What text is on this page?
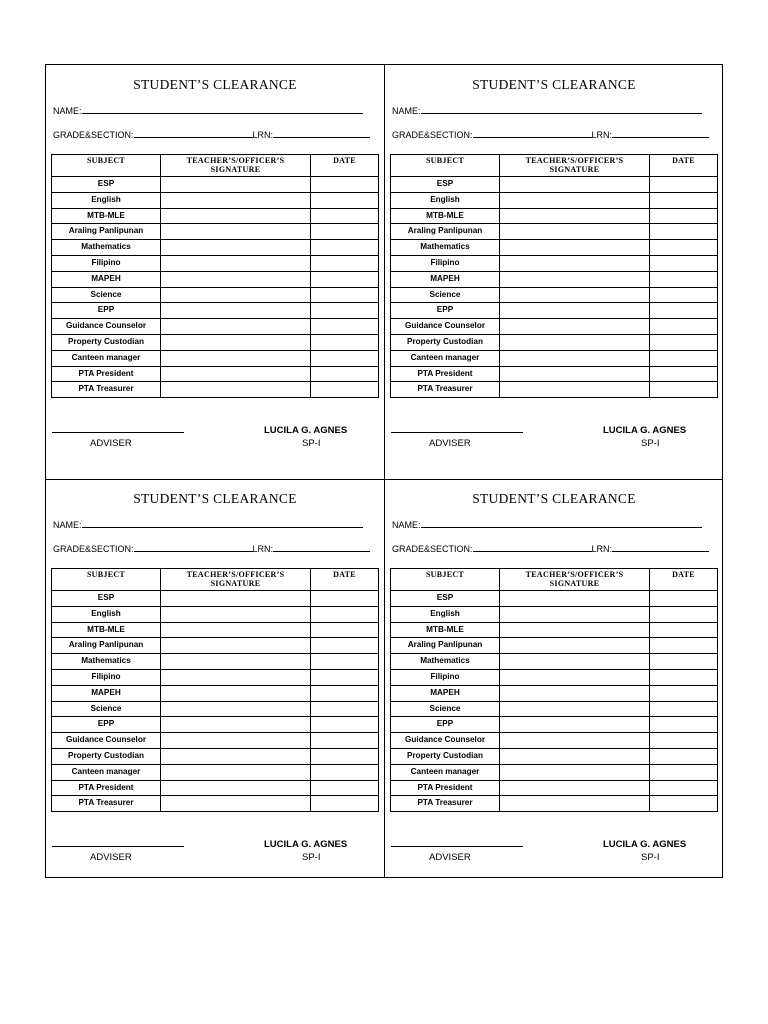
STUDENT’S CLEARANCE
NAME:
GRADE&SECTION:	LRN:
SUBJECT	TEACHER’S/OFFICER’S SIGNATURE	DATE
ESP		
English		
MTB-MLE		
Araling Panlipunan		
Mathematics		
Filipino		
MAPEH		
Science		
EPP		
Guidance Counselor		
Property Custodian		
Canteen manager		
PTA President		
PTA Treasurer		
ADVISER
LUCILA G. AGNES
SP-I
STUDENT’S CLEARANCE
NAME:
GRADE&SECTION:	LRN:
SUBJECT	TEACHER’S/OFFICER’S SIGNATURE	DATE
ESP		
English		
MTB-MLE		
Araling Panlipunan		
Mathematics		
Filipino		
MAPEH		
Science		
EPP		
Guidance Counselor		
Property Custodian		
Canteen manager		
PTA President		
PTA Treasurer		
ADVISER
LUCILA G. AGNES
SP-I
STUDENT’S CLEARANCE
NAME:
GRADE&SECTION:	LRN:
SUBJECT	TEACHER’S/OFFICER’S SIGNATURE	DATE
ESP		
English		
MTB-MLE		
Araling Panlipunan		
Mathematics		
Filipino		
MAPEH		
Science		
EPP		
Guidance Counselor		
Property Custodian		
Canteen manager		
PTA President		
PTA Treasurer		
ADVISER
LUCILA G. AGNES
SP-I
STUDENT’S CLEARANCE
NAME:
GRADE&SECTION:	LRN:
SUBJECT	TEACHER’S/OFFICER’S SIGNATURE	DATE
ESP		
English		
MTB-MLE		
Araling Panlipunan		
Mathematics		
Filipino		
MAPEH		
Science		
EPP		
Guidance Counselor		
Property Custodian		
Canteen manager		
PTA President		
PTA Treasurer		
ADVISER
LUCILA G. AGNES
SP-I
